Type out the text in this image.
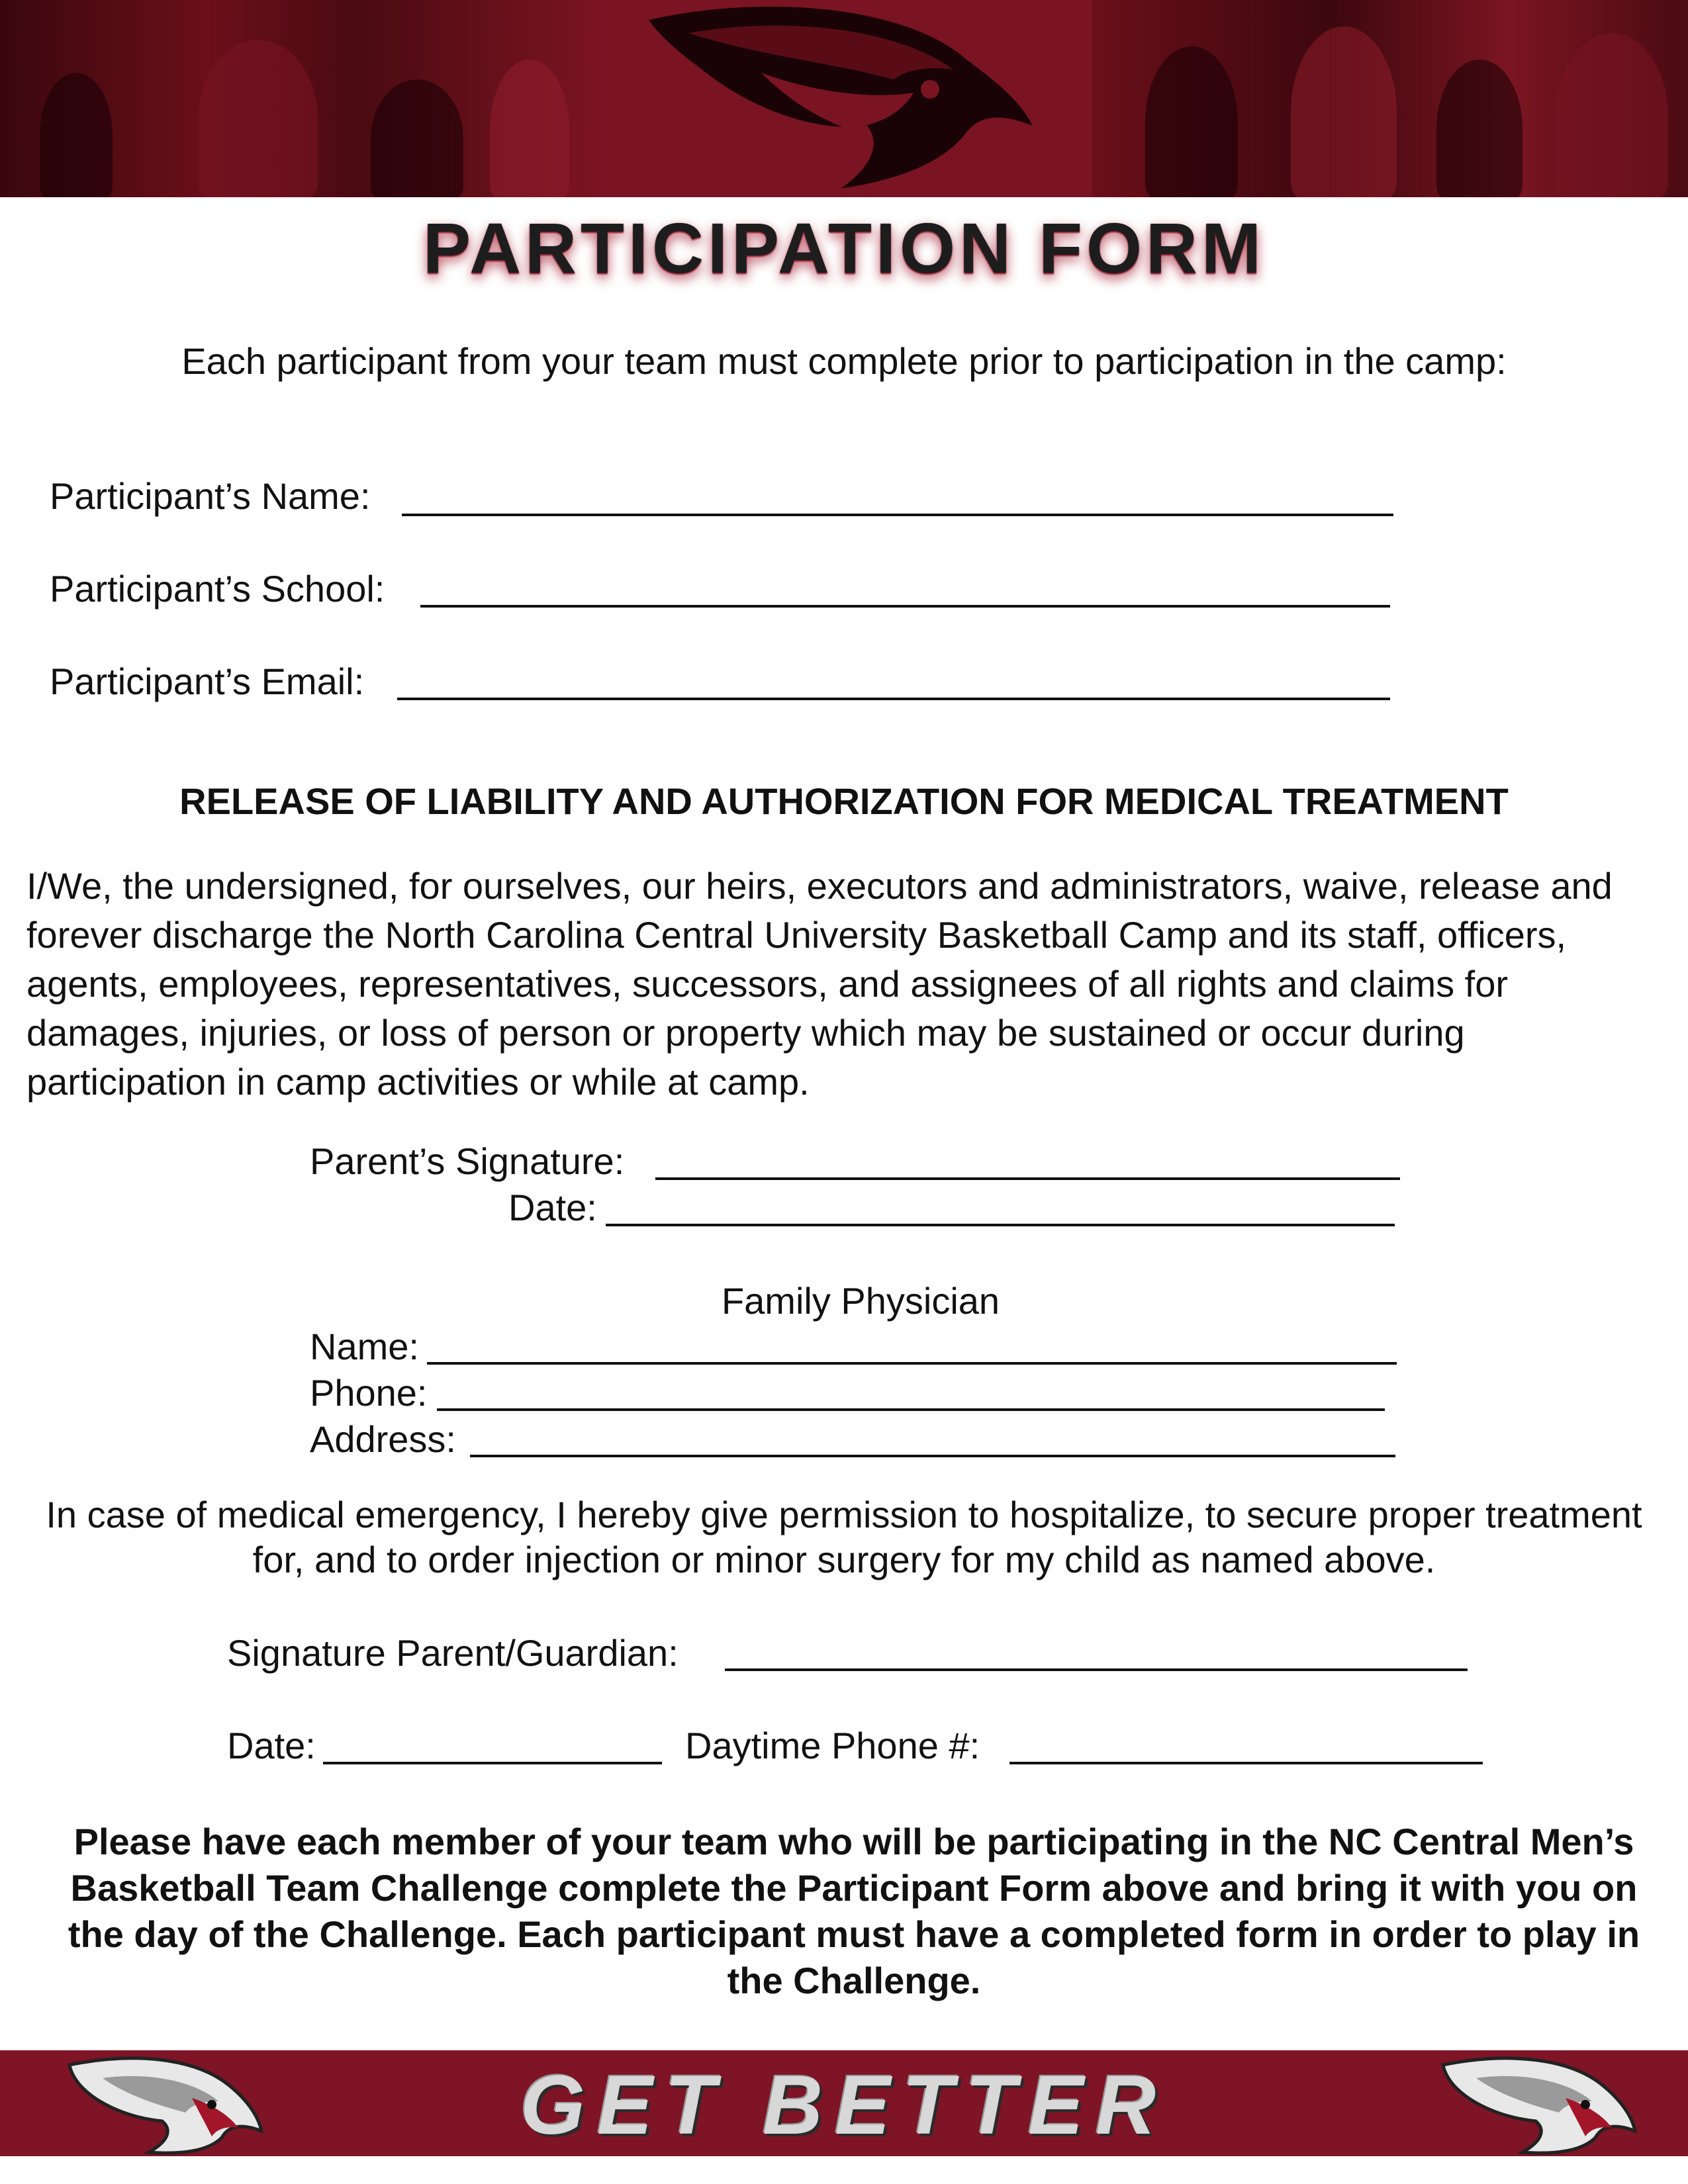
PARTICIPATION FORM
Each participant from your team must complete prior to participation in the camp:
Participant’s Name:
Participant’s School:
Participant’s Email:
RELEASE OF LIABILITY AND AUTHORIZATION FOR MEDICAL TREATMENT
I/We, the undersigned, for ourselves, our heirs, executors and administrators, waive, release and forever discharge the North Carolina Central University Basketball Camp and its staff, officers, agents, employees, representatives, successors, and assignees of all rights and claims for damages, injuries, or loss of person or property which may be sustained or occur during participation in camp activities or while at camp.
Parent’s Signature:
Date:
Family Physician
Name:
Phone:
Address:
In case of medical emergency, I hereby give permission to hospitalize, to secure proper treatment for, and to order injection or minor surgery for my child as named above.
Signature Parent/Guardian:
Date:	Daytime Phone #:
Please have each member of your team who will be participating in the NC Central Men’s Basketball Team Challenge complete the Participant Form above and bring it with you on the day of the Challenge. Each participant must have a completed form in order to play in the Challenge.
GET BETTER
